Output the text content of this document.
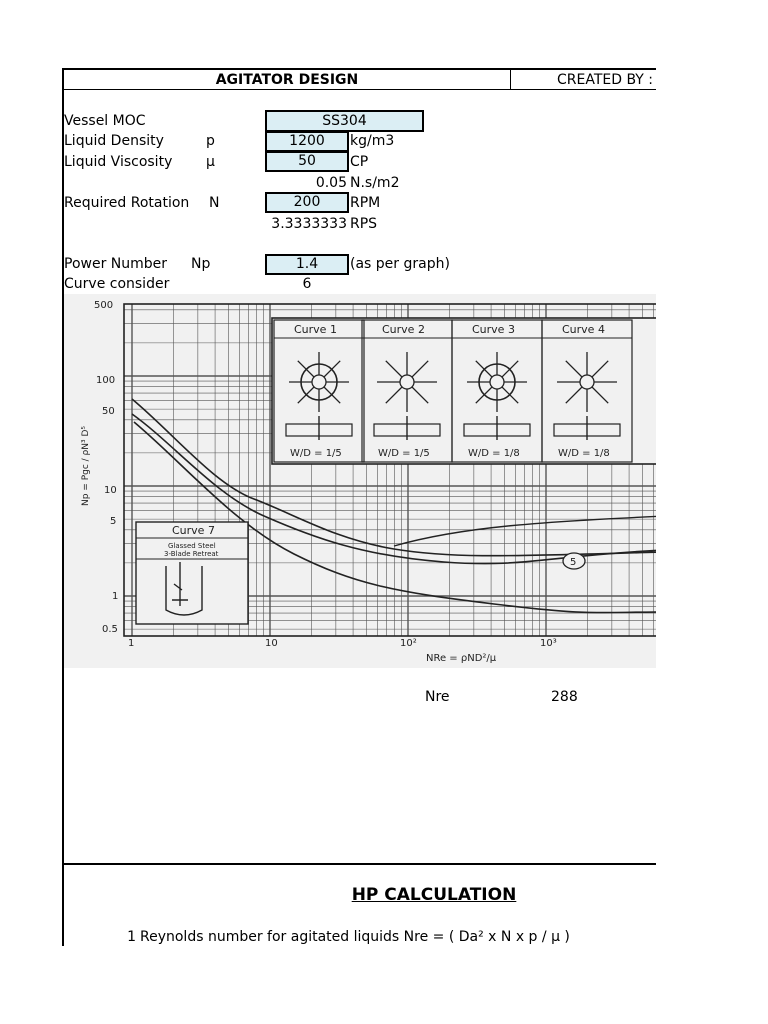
AGITATOR DESIGN	CREATED BY :
Vessel MOC	SS304
Liquid Density	p	1200	kg/m3
Liquid Viscosity µ	50	CP
0.05 N.s/m2
Required Rotation N	200	RPM
3.3333333 RPS
Power Number Np	1.4	(as per graph)
Curve consider	6
500
100
50
10
5
1
0.5
1	10	10²	10³
Np = Pgc / ρN³ D⁵
NRe = ρND²/µ
Curve 1
W/D = 1/5
Curve 2
W/D = 1/5
Curve 3
W/D = 1/8
Curve 4
W/D = 1/8
Curve 7
Glassed Steel
3-Blade Retreat
5
Nre	288
HP CALCULATION
1 Reynolds number for agitated liquids Nre = ( Da² x N x p / µ )
